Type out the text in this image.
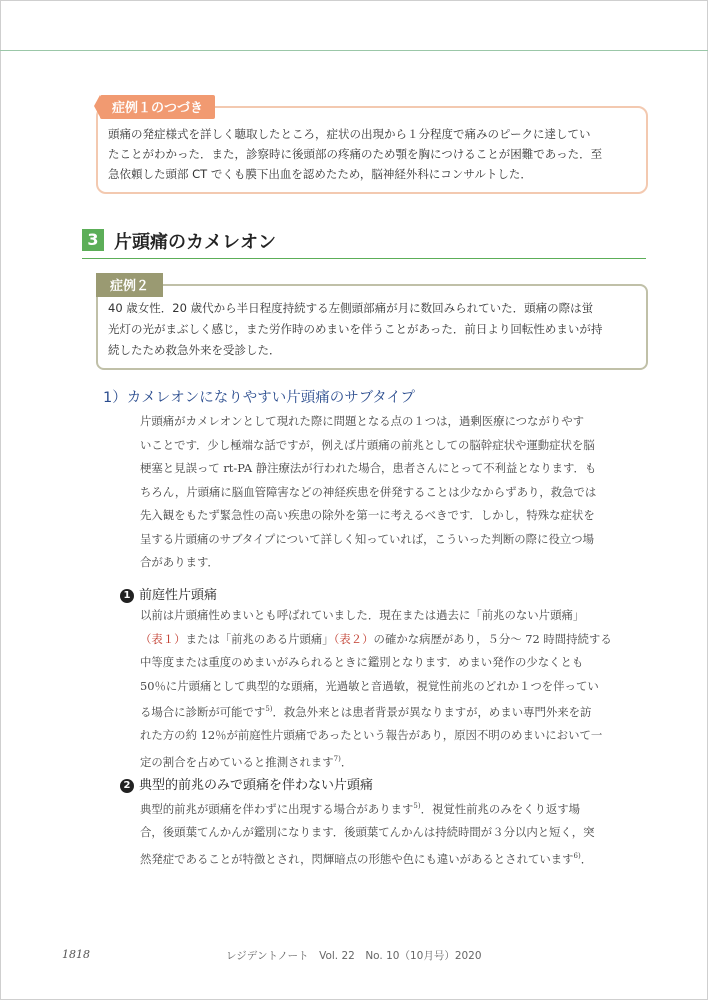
症例１のつづき
頭痛の発症様式を詳しく聴取したところ，症状の出現から１分程度で痛みのピークに達してい
たことがわかった．また，診察時に後頭部の疼痛のため顎を胸につけることが困難であった．至
急依頼した頭部 CT でくも膜下出血を認めたため，脳神経外科にコンサルトした．
3 片頭痛のカメレオン
症例２
40 歳女性．20 歳代から半日程度持続する左側頭部痛が月に数回みられていた．頭痛の際は蛍
光灯の光がまぶしく感じ，また労作時のめまいを伴うことがあった．前日より回転性めまいが持
続したため救急外来を受診した．
1）カメレオンになりやすい片頭痛のサブタイプ
片頭痛がカメレオンとして現れた際に問題となる点の１つは，過剰医療につながりやす
いことです．少し極端な話ですが，例えば片頭痛の前兆としての脳幹症状や運動症状を脳
梗塞と見誤って rt-PA 静注療法が行われた場合，患者さんにとって不利益となります．も
ちろん，片頭痛に脳血管障害などの神経疾患を併発することは少なからずあり，救急では
先入観をもたず緊急性の高い疾患の除外を第一に考えるべきです．しかし，特殊な症状を
呈する片頭痛のサブタイプについて詳しく知っていれば，こういった判断の際に役立つ場
合があります．
1 前庭性片頭痛
以前は片頭痛性めまいとも呼ばれていました．現在または過去に「前兆のない片頭痛」
（表１）または「前兆のある片頭痛」（表２）の確かな病歴があり，５分〜 72 時間持続する
中等度または重度のめまいがみられるときに鑑別となります．めまい発作の少なくとも
50％に片頭痛として典型的な頭痛，光過敏と音過敏，視覚性前兆のどれか１つを伴ってい
る場合に診断が可能です$^{5)}$．救急外来とは患者背景が異なりますが，めまい専門外来を訪
れた方の約 12％が前庭性片頭痛であったという報告があり，原因不明のめまいにおいて一
定の割合を占めていると推測されます$^{7)}$．
2 典型的前兆のみで頭痛を伴わない片頭痛
典型的前兆が頭痛を伴わずに出現する場合があります$^{5)}$．視覚性前兆のみをくり返す場
合，後頭葉てんかんが鑑別になります．後頭葉てんかんは持続時間が３分以内と短く，突
然発症であることが特徴とされ，閃輝暗点の形態や色にも違いがあるとされています$^{6)}$．
1818	レジデントノート　Vol. 22　No. 10（10月号）2020
